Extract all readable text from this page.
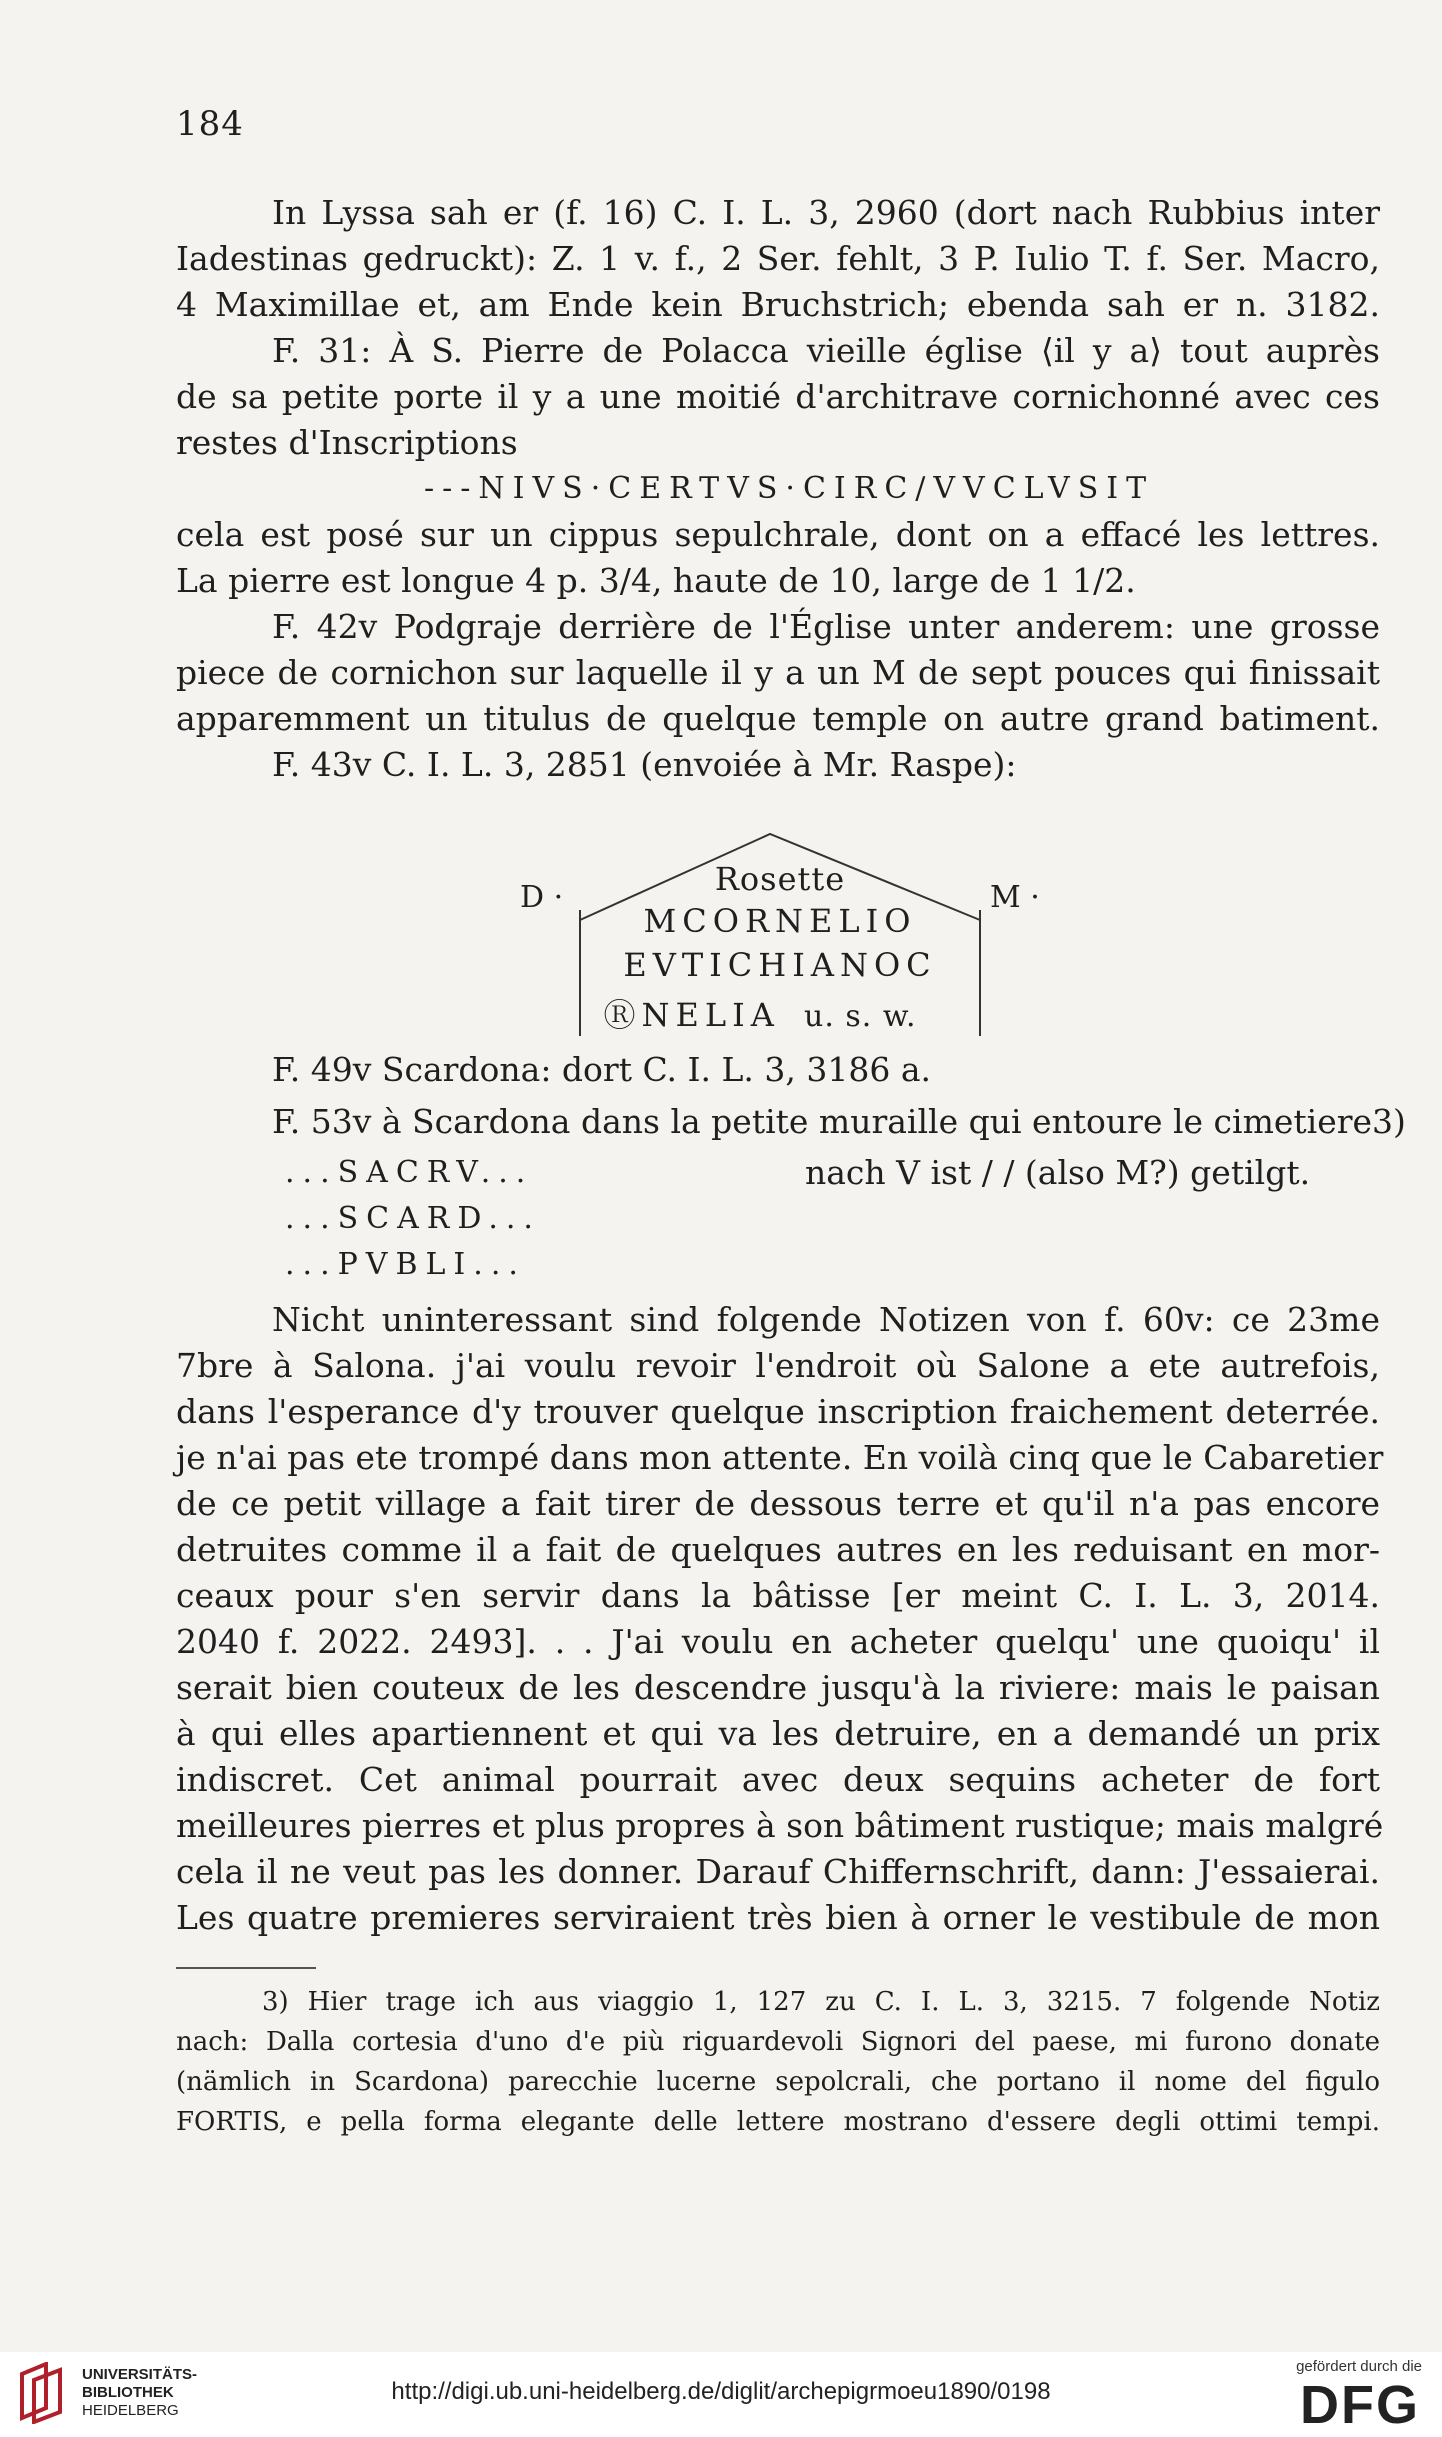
184
In Lyssa sah er (f. 16) C. I. L. 3, 2960 (dort nach Rubbius inter
Iadestinas gedruckt): Z. 1 v. f., 2 Ser. fehlt, 3 P. Iulio T. f. Ser. Macro,
4 Maximillae et, am Ende kein Bruchstrich; ebenda sah er n. 3182.
F. 31: À S. Pierre de Polacca vieille église ⟨il y a⟩ tout auprès
de sa petite porte il y a une moitié d'architrave cornichonné avec ces
restes d'Inscriptions
---NIVS·CERTVS·CIRC/VVCLVSIT
cela est posé sur un cippus sepulchrale, dont on a effacé les lettres.
La pierre est longue 4 p. 3/4, haute de 10, large de 1 1/2.
F. 42v Podgraje derrière de l'Église unter anderem: une grosse
piece de cornichon sur laquelle il y a un M de sept pouces qui finissait
apparemment un titulus de quelque temple on autre grand batiment.
F. 43v C. I. L. 3, 2851 (envoiée à Mr. Raspe):
D ·	M ·
Rosette
MCORNELIO
EVTICHIANOC
ⓇNELIA u. s. w.
F. 49v Scardona: dort C. I. L. 3, 3186 a.
F. 53v à Scardona dans la petite muraille qui entoure le cimetiere3)
...SACRV...	nach V ist / / (also M?) getilgt.
...SCARD...
...PVBLI...
Nicht uninteressant sind folgende Notizen von f. 60v: ce 23me
7bre à Salona. j'ai voulu revoir l'endroit où Salone a ete autrefois,
dans l'esperance d'y trouver quelque inscription fraichement deterrée.
je n'ai pas ete trompé dans mon attente. En voilà cinq que le Cabaretier
de ce petit village a fait tirer de dessous terre et qu'il n'a pas encore
detruites comme il a fait de quelques autres en les reduisant en mor-
ceaux pour s'en servir dans la bâtisse [er meint C. I. L. 3, 2014.
2040 f. 2022. 2493]. . . J'ai voulu en acheter quelqu' une quoiqu' il
serait bien couteux de les descendre jusqu'à la riviere: mais le paisan
à qui elles apartiennent et qui va les detruire, en a demandé un prix
indiscret. Cet animal pourrait avec deux sequins acheter de fort
meilleures pierres et plus propres à son bâtiment rustique; mais malgré
cela il ne veut pas les donner. Darauf Chiffernschrift, dann: J'essaierai.
Les quatre premieres serviraient très bien à orner le vestibule de mon
3) Hier trage ich aus viaggio 1, 127 zu C. I. L. 3, 3215. 7 folgende Notiz
nach: Dalla cortesia d'uno d'e più riguardevoli Signori del paese, mi furono donate
(nämlich in Scardona) parecchie lucerne sepolcrali, che portano il nome del figulo
FORTIS, e pella forma elegante delle lettere mostrano d'essere degli ottimi tempi.
UNIVERSITÄTS-
BIBLIOTHEK
HEIDELBERG
http://digi.ub.uni-heidelberg.de/diglit/archepigrmoeu1890/0198
gefördert durch die
DFG
